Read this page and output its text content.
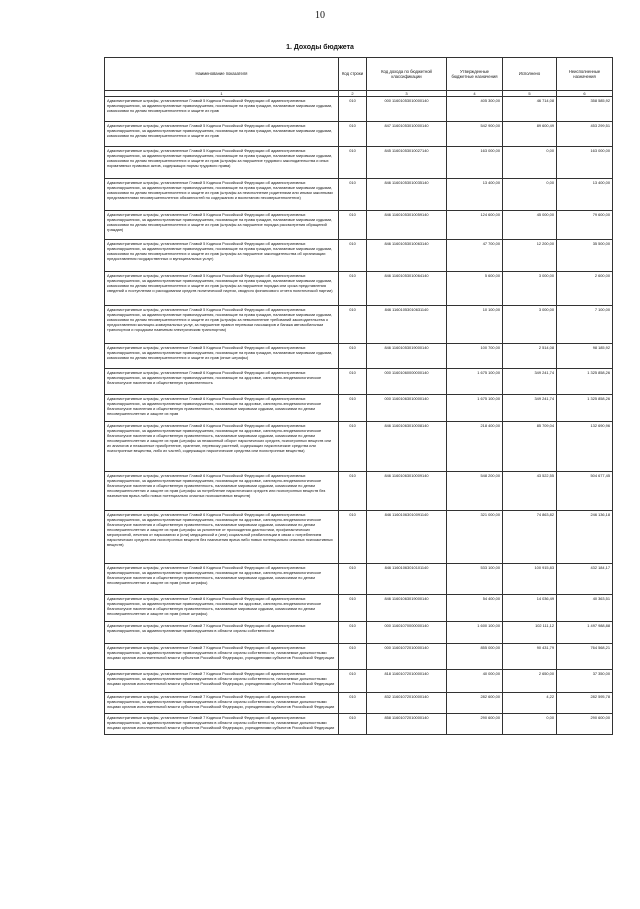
10
1. Доходы бюджета
Наименование показателя	Код строки	Код дохода по бюджетной классификации	Утвержденные бюджетные назначения	Исполнено	Неисполненные назначения
1	2	3	4	5	6
Административные штрафы, установленные Главой 5 Кодекса Российской Федерации об административных правонарушениях, за административные правонарушения, посягающие на права граждан, налагаемые мировыми судьями, комиссиями по делам несовершеннолетних и защите их прав	010	000 11601053010000140	405 300,00	46 714,08	358 585,92
Административные штрафы, установленные Главой 5 Кодекса Российской Федерации об административных правонарушениях, за административные правонарушения, посягающие на права граждан, налагаемые мировыми судьями, комиссиями по делам несовершеннолетних и защите их прав	010	847 11601053010000140	542 900,00	89 600,49	453 299,51
Административные штрафы, установленные Главой 5 Кодекса Российской Федерации об административных правонарушениях, за административные правонарушения, посягающие на права граждан, налагаемые мировыми судьями, комиссиями по делам несовершеннолетних и защите их прав (штрафы за нарушение трудового законодательства и иных нормативных правовых актов, содержащих нормы трудового права)	010	845 11601053010027140	163 000,00	0,00	163 000,00
Административные штрафы, установленные Главой 5 Кодекса Российской Федерации об административных правонарушениях, за административные правонарушения, посягающие на права граждан, налагаемые мировыми судьями, комиссиями по делам несовершеннолетних и защите их прав (штрафы за неисполнение родителями или иными законными представителями несовершеннолетних обязанностей по содержанию и воспитанию несовершеннолетних)	010	846 11601053010035140	13 400,00	0,00	13 400,00
Административные штрафы, установленные Главой 5 Кодекса Российской Федерации об административных правонарушениях, за административные правонарушения, посягающие на права граждан, налагаемые мировыми судьями, комиссиями по делам несовершеннолетних и защите их прав (штрафы за нарушение порядка рассмотрения обращений граждан)	010	846 11601053010059140	124 600,00	45 000,00	79 600,00
Административные штрафы, установленные Главой 5 Кодекса Российской Федерации об административных правонарушениях, за административные правонарушения, посягающие на права граждан, налагаемые мировыми судьями, комиссиями по делам несовершеннолетних и защите их прав (штрафы за нарушение законодательства об организации предоставления государственных и муниципальных услуг)	010	846 11601053010063140	47 700,00	12 200,00	35 500,00
Административные штрафы, установленные Главой 5 Кодекса Российской Федерации об административных правонарушениях, за административные правонарушения, посягающие на права граждан, налагаемые мировыми судьями, комиссиями по делам несовершеннолетних и защите их прав (штрафы за нарушение порядка или срока представления сведений о поступлении и расходовании средств политической партии, сводного финансового отчета политической партии)	010	846 11601053010064140	5 600,00	3 000,00	2 600,00
Административные штрафы, установленные Главой 5 Кодекса Российской Федерации об административных правонарушениях, за административные правонарушения, посягающие на права граждан, налагаемые мировыми судьями, комиссиями по делам несовершеннолетних и защите их прав (штрафы за невыполнение требований законодательства о предоставлении жилищно-коммунальных услуг, за нарушение правил перевозки пассажиров и багажа автомобильным транспортом и городским наземным электрическим транспортом)	010	846 11601053010631140	10 100,00	3 000,00	7 100,00
Административные штрафы, установленные Главой 5 Кодекса Российской Федерации об административных правонарушениях, за административные правонарушения, посягающие на права граждан, налагаемые мировыми судьями, комиссиями по делам несовершеннолетних и защите их прав (иные штрафы)	010	846 11601053019000140	100 700,00	2 514,08	98 185,92
Административные штрафы, установленные Главой 6 Кодекса Российской Федерации об административных правонарушениях, за административные правонарушения, посягающие на здоровье, санитарно-эпидемиологическое благополучие населения и общественную нравственность	010	000 11601060000000140	1 675 100,00	349 241,74	1 325 858,26
Административные штрафы, установленные Главой 6 Кодекса Российской Федерации об административных правонарушениях, за административные правонарушения, посягающие на здоровье, санитарно-эпидемиологическое благополучие населения и общественную нравственность, налагаемые мировыми судьями, комиссиями по делам несовершеннолетних и защите их прав	010	000 11601063010000140	1 675 100,00	349 241,74	1 325 858,26
Административные штрафы, установленные Главой 6 Кодекса Российской Федерации об административных правонарушениях, за административные правонарушения, посягающие на здоровье, санитарно-эпидемиологическое благополучие населения и общественную нравственность, налагаемые мировыми судьями, комиссиями по делам несовершеннолетних и защите их прав (штрафы за незаконный оборот наркотических средств, психотропных веществ или их аналогов и незаконные приобретение, хранение, перевозку растений, содержащих наркотические средства или психотропные вещества, либо их частей, содержащих наркотические средства или психотропные вещества)	010	846 11601063010008140	218 400,00	85 709,04	132 690,96
Административные штрафы, установленные Главой 6 Кодекса Российской Федерации об административных правонарушениях, за административные правонарушения, посягающие на здоровье, санитарно-эпидемиологическое благополучие населения и общественную нравственность, налагаемые мировыми судьями, комиссиями по делам несовершеннолетних и защите их прав (штрафы за потребление наркотических средств или психотропных веществ без назначения врача либо новых потенциально опасных психоактивных веществ)	010	846 11601063010009140	548 200,00	43 522,55	504 677,45
Административные штрафы, установленные Главой 6 Кодекса Российской Федерации об административных правонарушениях, за административные правонарушения, посягающие на здоровье, санитарно-эпидемиологическое благополучие населения и общественную нравственность, налагаемые мировыми судьями, комиссиями по делам несовершеннолетних и защите их прав (штрафы за уклонение от прохождения диагностики, профилактических мероприятий, лечения от наркомании и (или) медицинской и (или) социальной реабилитации в связи с потреблением наркотических средств или психотропных веществ без назначения врача либо новых потенциально опасных психоактивных веществ)	010	846 11601063010091140	321 000,00	74 863,82	246 136,18
Административные штрафы, установленные Главой 6 Кодекса Российской Федерации об административных правонарушениях, за административные правонарушения, посягающие на здоровье, санитарно-эпидемиологическое благополучие населения и общественную нравственность, налагаемые мировыми судьями, комиссиями по делам несовершеннолетних и защите их прав (иные штрафы)	010	846 11601063010101140	533 100,00	100 915,83	432 184,17
Административные штрафы, установленные Главой 6 Кодекса Российской Федерации об административных правонарушениях, за административные правонарушения, посягающие на здоровье, санитарно-эпидемиологическое благополучие населения и общественную нравственность, налагаемые мировыми судьями, комиссиями по делам несовершеннолетних и защите их прав (иные штрафы)	010	846 11601063019000140	54 400,00	14 036,49	40 363,51
Административные штрафы, установленные Главой 7 Кодекса Российской Федерации об административных правонарушениях, за административные правонарушения в области охраны собственности	010	000 11601070000000140	1 600 100,00	102 111,12	1 497 988,88
Административные штрафы, установленные Главой 7 Кодекса Российской Федерации об административных правонарушениях, за административные правонарушения в области охраны собственности, налагаемые должностными лицами органов исполнительной власти субъектов Российской Федерации, учреждениями субъектов Российской Федерации	010	000 11601072010000140	855 000,00	90 431,79	764 568,21
Административные штрафы, установленные Главой 7 Кодекса Российской Федерации об административных правонарушениях, за административные правонарушения в области охраны собственности, налагаемые должностными лицами органов исполнительной власти субъектов Российской Федерации, учреждениями субъектов Российской Федерации	010	818 11601072010000140	40 000,00	2 650,00	37 350,00
Административные штрафы, установленные Главой 7 Кодекса Российской Федерации об административных правонарушениях, за административные правонарушения в области охраны собственности, налагаемые должностными лицами органов исполнительной власти субъектов Российской Федерации, учреждениями субъектов Российской Федерации	010	832 11601072010000140	282 600,00	4,22	282 595,78
Административные штрафы, установленные Главой 7 Кодекса Российской Федерации об административных правонарушениях, за административные правонарушения в области охраны собственности, налагаемые должностными лицами органов исполнительной власти субъектов Российской Федерации, учреждениями субъектов Российской Федерации	010	858 11601072010000140	290 600,00	0,00	290 600,00
